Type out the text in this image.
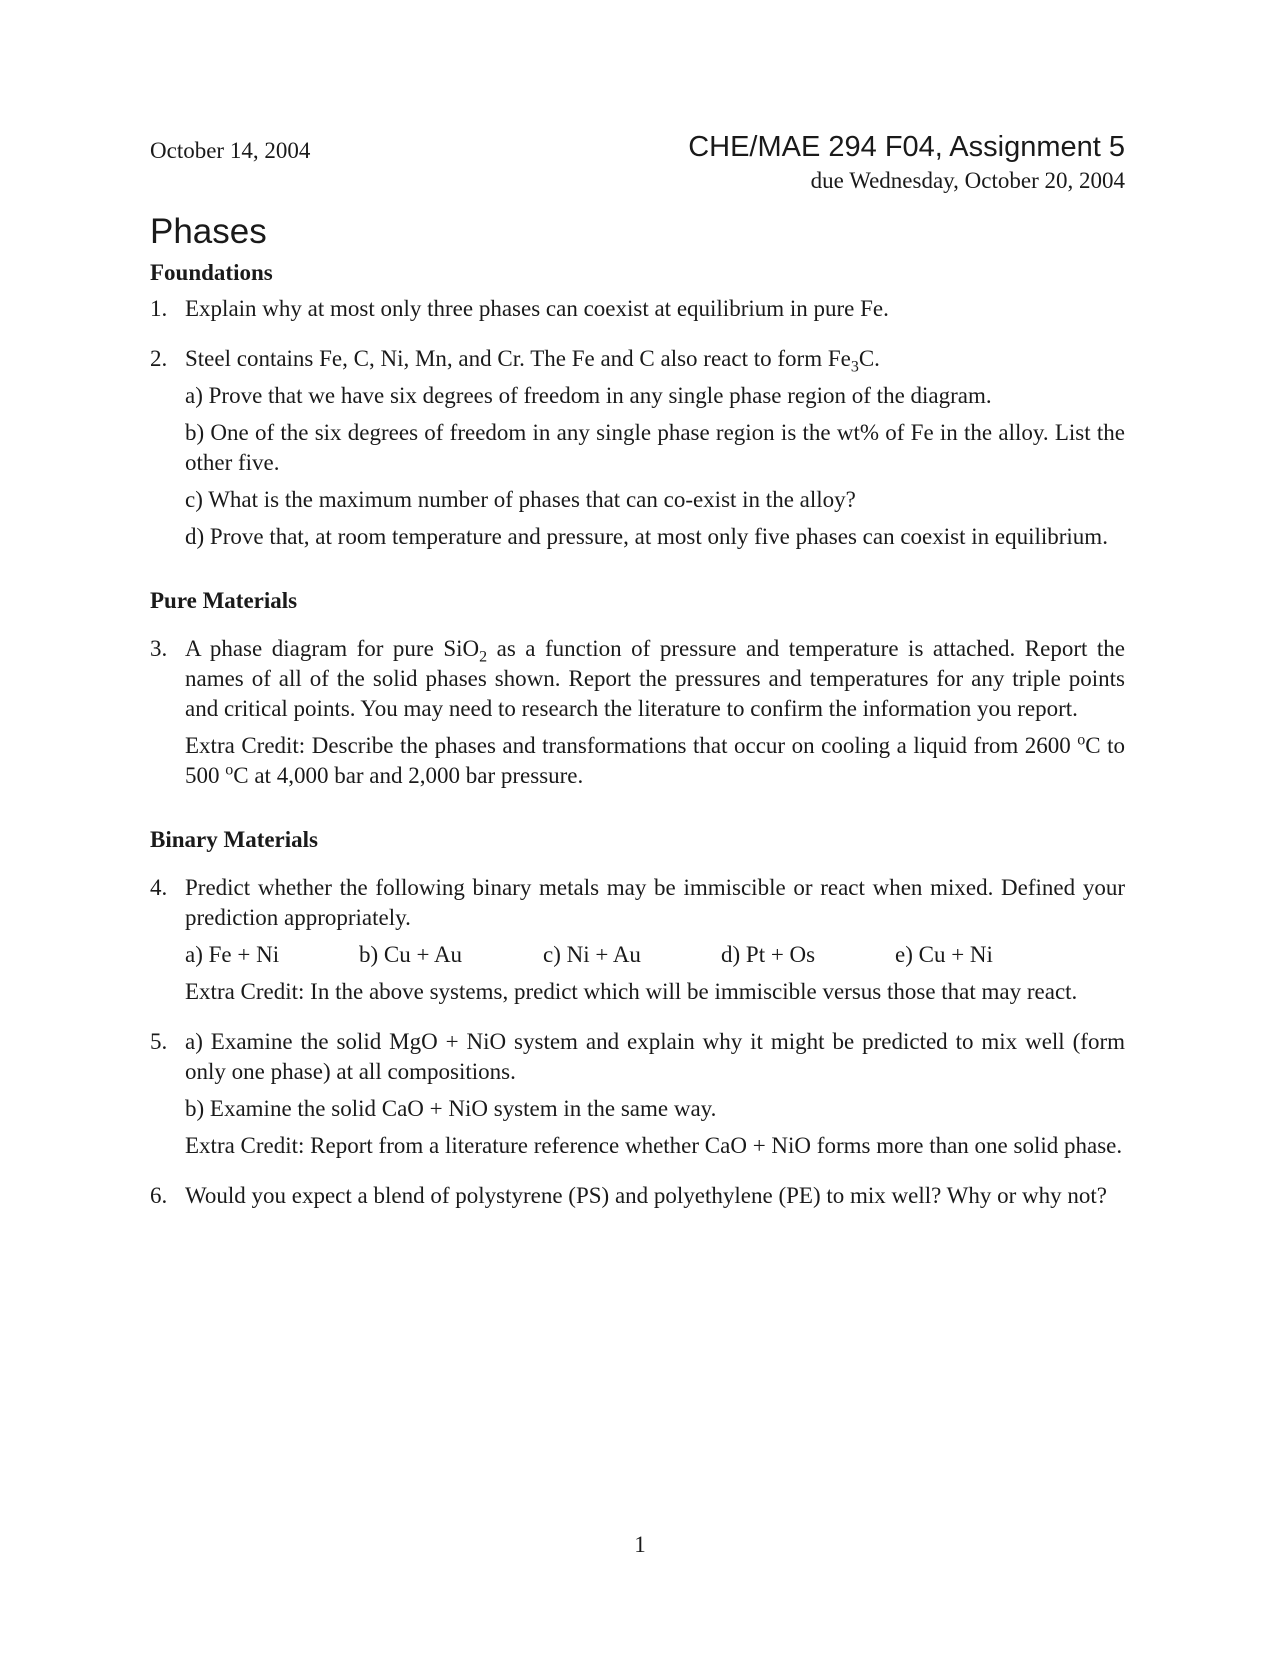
October 14, 2004	CHE/MAE 294 F04, Assignment 5
due Wednesday, October 20, 2004
Phases
Foundations
1. Explain why at most only three phases can coexist at equilibrium in pure Fe.

2. Steel contains Fe, C, Ni, Mn, and Cr. The Fe and C also react to form $Fe_3C$.

a) Prove that we have six degrees of freedom in any single phase region of the diagram.

b) One of the six degrees of freedom in any single phase region is the wt% of Fe in the alloy. List the other five.

c) What is the maximum number of phases that can co-exist in the alloy?

d) Prove that, at room temperature and pressure, at most only five phases can coexist in equilibrium.

Pure Materials
3. A phase diagram for pure SiO$_2$ as a function of pressure and temperature is attached. Report the names of all of the solid phases shown. Report the pressures and temperatures for any triple points and critical points. You may need to research the literature to confirm the information you report.

Extra Credit: Describe the phases and transformations that occur on cooling a liquid from 2600 $^o$C to 500 $^o$C at 4,000 bar and 2,000 bar pressure.

Binary Materials
4. Predict whether the following binary metals may be immiscible or react when mixed. Defined your prediction appropriately.

a) Fe + Ni	b) Cu + Au	c) Ni + Au	d) Pt + Os	e) Cu + Ni

Extra Credit: In the above systems, predict which will be immiscible versus those that may react.

5. a) Examine the solid MgO + NiO system and explain why it might be predicted to mix well (form only one phase) at all compositions.

b) Examine the solid CaO + NiO system in the same way.

Extra Credit: Report from a literature reference whether CaO + NiO forms more than one solid phase.

6. Would you expect a blend of polystyrene (PS) and polyethylene (PE) to mix well? Why or why not?

1
